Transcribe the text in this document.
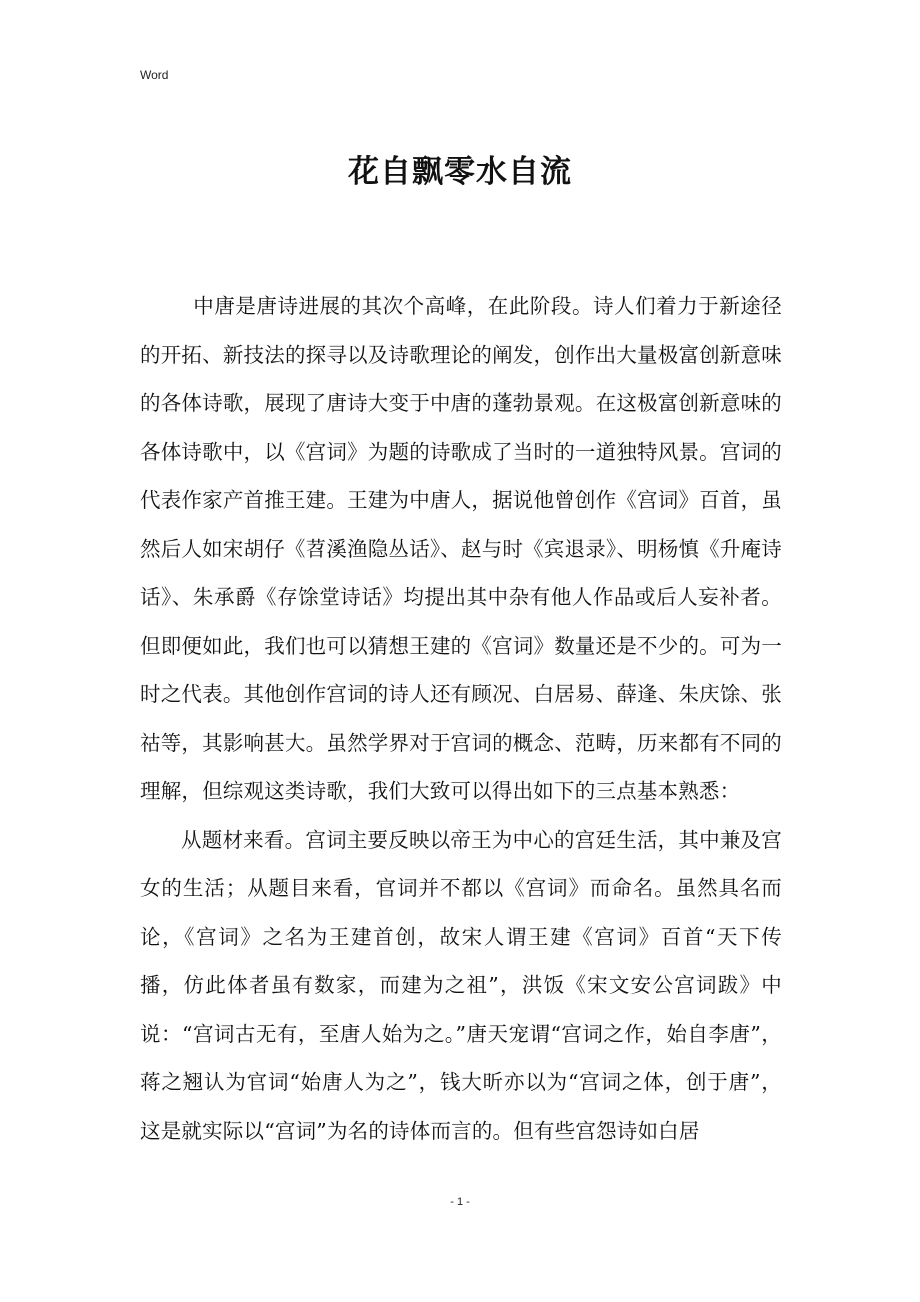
Word
花自飘零水自流

中唐是唐诗进展的其次个高峰，在此阶段。诗人们着力于新途径的开拓、新技法的探寻以及诗歌理论的阐发，创作出大量极富创新意味的各体诗歌，展现了唐诗大变于中唐的蓬勃景观。在这极富创新意味的各体诗歌中，以《宫词》为题的诗歌成了当时的一道独特风景。宫词的代表作家产首推王建。王建为中唐人，据说他曾创作《宫词》百首，虽然后人如宋胡仔《苕溪渔隐丛话》、赵与时《宾退录》、明杨慎《升庵诗话》、朱承爵《存馀堂诗话》均提出其中杂有他人作品或后人妄补者。但即便如此，我们也可以猜想王建的《宫词》数量还是不少的。可为一时之代表。其他创作宫词的诗人还有顾况、白居易、薛逢、朱庆馀、张祜等，其影响甚大。虽然学界对于宫词的概念、范畴，历来都有不同的理解，但综观这类诗歌，我们大致可以得出如下的三点基本熟悉：

从题材来看。宫词主要反映以帝王为中心的宫廷生活，其中兼及宫女的生活；从题目来看，官词并不都以《宫词》而命名。虽然具名而论，《宫词》之名为王建首创，故宋人谓王建《宫词》百首“天下传播，仿此体者虽有数家，而建为之祖”，洪饭《宋文安公宫词跋》中说：“宫词古无有，至唐人始为之。”唐天宠谓“宫词之作，始自李唐”，蒋之翘认为官词“始唐人为之”，钱大昕亦以为“宫词之体，创于唐”，这是就实际以“宫词”为名的诗体而言的。但有些宫怨诗如白居

- 1 -
